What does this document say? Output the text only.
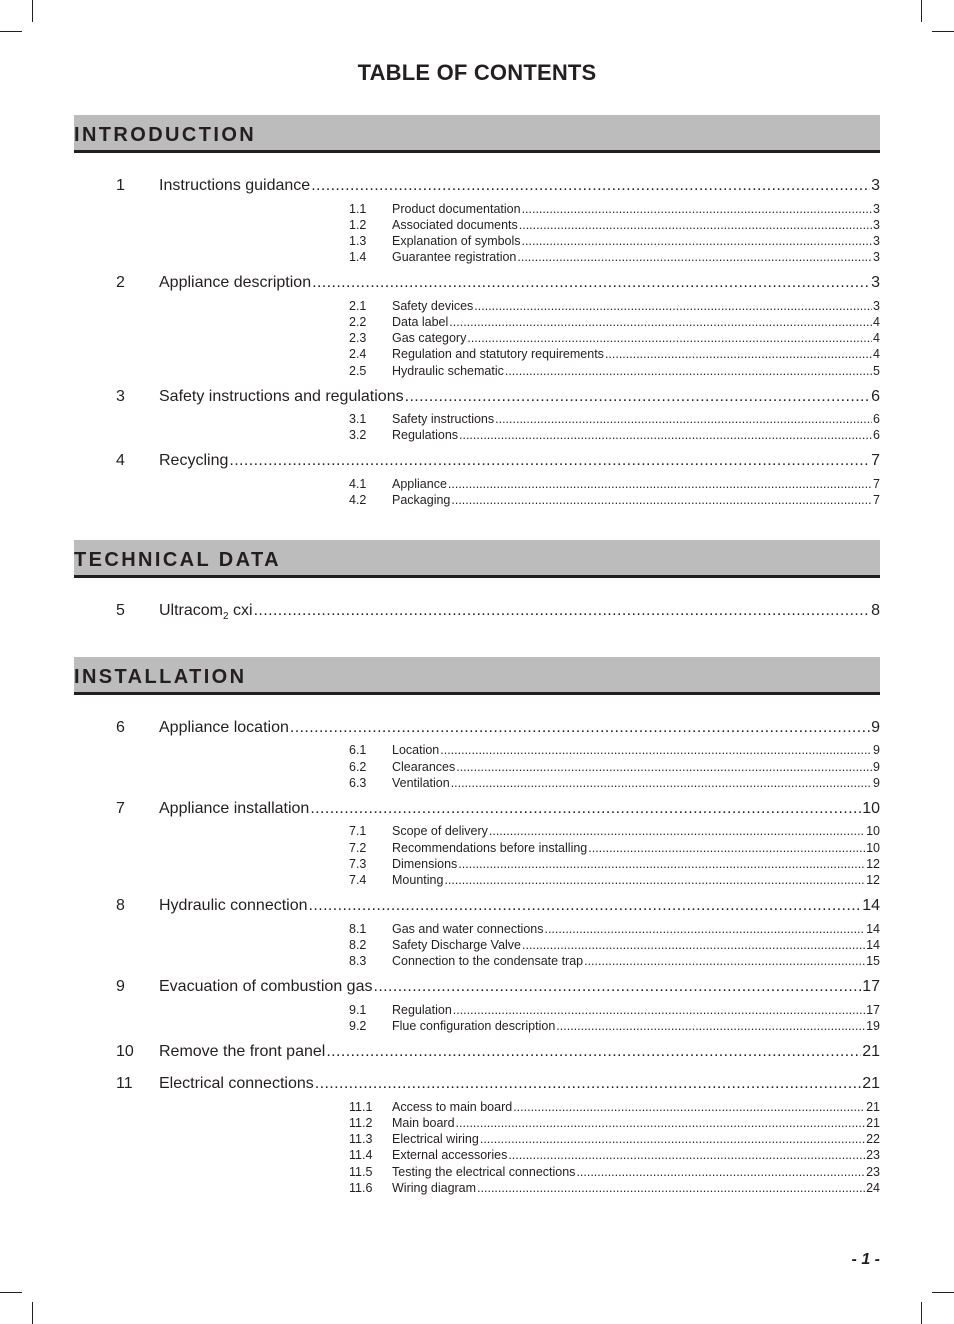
TABLE OF CONTENTS
INTRODUCTION
1	Instructions guidance .....	3
1.1	Product documentation .....	3
1.2	Associated documents .....	3
1.3	Explanation of symbols .....	3
1.4	Guarantee registration .....	3
2	Appliance description .....	3
2.1	Safety devices .....	3
2.2	Data label .....	4
2.3	Gas category .....	4
2.4	Regulation and statutory requirements .....	4
2.5	Hydraulic schematic .....	5
3	Safety instructions and regulations .....	6
3.1	Safety instructions .....	6
3.2	Regulations .....	6
4	Recycling .....	7
4.1	Appliance .....	7
4.2	Packaging .....	7
TECHNICAL DATA
5	Ultracom$_2$ cxi .....	8
INSTALLATION
6	Appliance location .....	9
6.1	Location .....	9
6.2	Clearances .....	9
6.3	Ventilation .....	9
7	Appliance installation .....	10
7.1	Scope of delivery .....	10
7.2	Recommendations before installing .....	10
7.3	Dimensions .....	12
7.4	Mounting .....	12
8	Hydraulic connection .....	14
8.1	Gas and water connections .....	14
8.2	Safety Discharge Valve .....	14
8.3	Connection to the condensate trap .....	15
9	Evacuation of combustion gas .....	17
9.1	Regulation .....	17
9.2	Flue configuration description .....	19
10	Remove the front panel .....	21
11	Electrical connections .....	21
11.1	Access to main board .....	21
11.2	Main board .....	21
11.3	Electrical wiring .....	22
11.4	External accessories .....	23
11.5	Testing the electrical connections .....	23
11.6	Wiring diagram .....	24
- 1 -
